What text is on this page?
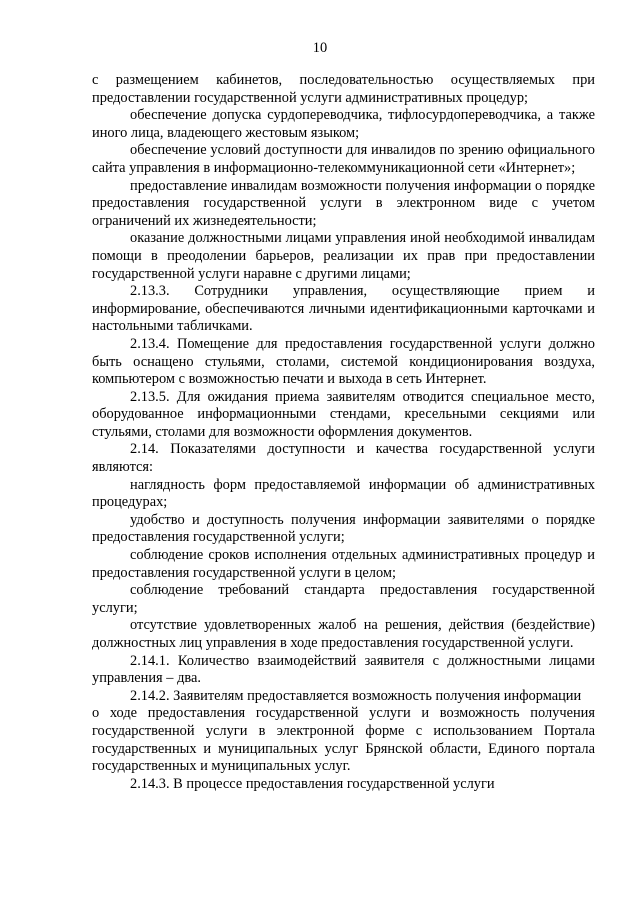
10

с размещением кабинетов, последовательностью осуществляемых при предоставлении государственной услуги административных процедур;

обеспечение допуска сурдопереводчика, тифлосурдопереводчика, а также иного лица, владеющего жестовым языком;

обеспечение условий доступности для инвалидов по зрению официального сайта управления в информационно-телекоммуникационной сети «Интернет»;

предоставление инвалидам возможности получения информации о порядке предоставления государственной услуги в электронном виде с учетом ограничений их жизнедеятельности;

оказание должностными лицами управления иной необходимой инвалидам помощи в преодолении барьеров, реализации их прав при предоставлении государственной услуги наравне с другими лицами;

2.13.3. Сотрудники управления, осуществляющие прием и информирование, обеспечиваются личными идентификационными карточками и настольными табличками.

2.13.4. Помещение для предоставления государственной услуги должно быть оснащено стульями, столами, системой кондиционирования воздуха, компьютером с возможностью печати и выхода в сеть Интернет.

2.13.5. Для ожидания приема заявителям отводится специальное место, оборудованное информационными стендами, кресельными секциями или стульями, столами для возможности оформления документов.

2.14. Показателями доступности и качества государственной услуги являются:

наглядность форм предоставляемой информации об административных процедурах;

удобство и доступность получения информации заявителями о порядке предоставления государственной услуги;

соблюдение сроков исполнения отдельных административных процедур и предоставления государственной услуги в целом;

соблюдение требований стандарта предоставления государственной услуги;

отсутствие удовлетворенных жалоб на решения, действия (бездействие) должностных лиц управления в ходе предоставления государственной услуги.

2.14.1. Количество взаимодействий заявителя с должностными лицами управления – два.

2.14.2. Заявителям предоставляется возможность получения информации

о ходе предоставления государственной услуги и возможность получения государственной услуги в электронной форме с использованием Портала государственных и муниципальных услуг Брянской области, Единого портала государственных и муниципальных услуг.

2.14.3. В процессе предоставления государственной услуги
